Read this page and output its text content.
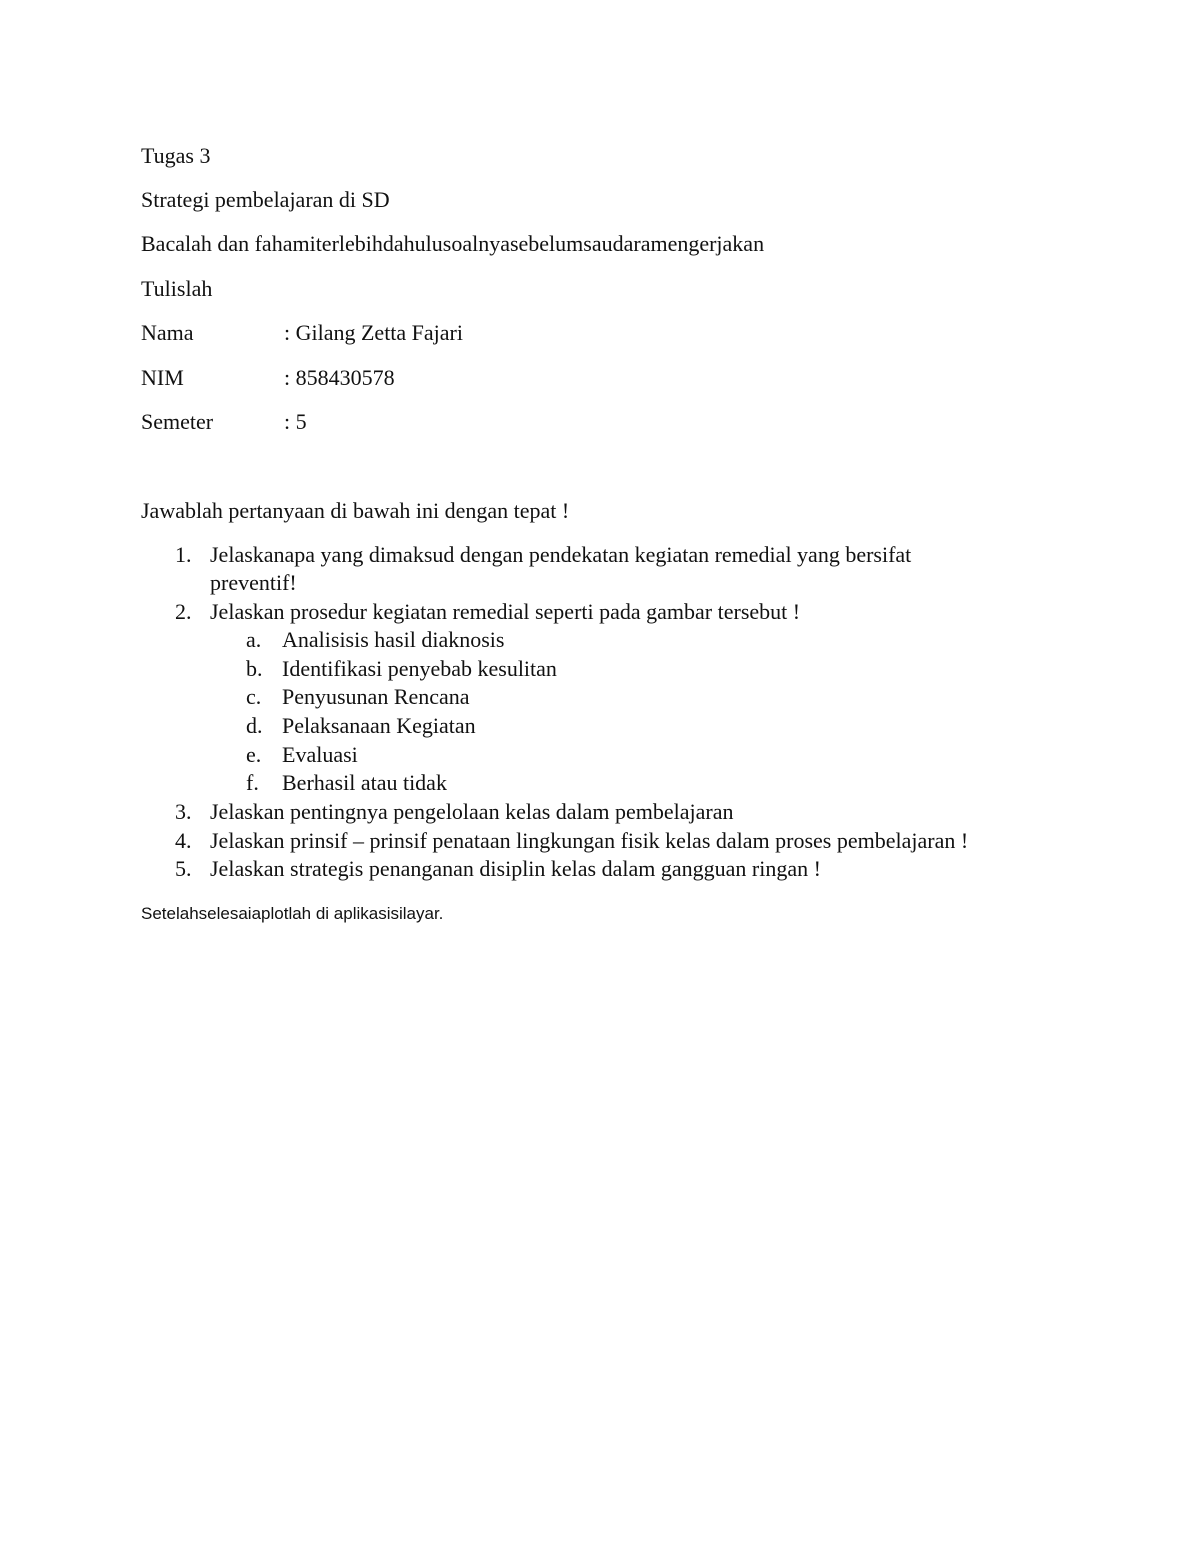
Tugas 3
Strategi pembelajaran di SD
Bacalah dan fahamiterlebihdahulusoalnyasebelumsaudaramengerjakan
Tulislah
Nama	: Gilang Zetta Fajari
NIM	: 858430578
Semeter	: 5
Jawablah pertanyaan di bawah ini dengan tepat !
1. Jelaskanapa yang dimaksud dengan pendekatan kegiatan remedial yang bersifat
preventif!
2. Jelaskan prosedur kegiatan remedial seperti pada gambar tersebut !
a. Analisisis hasil diaknosis
b. Identifikasi penyebab kesulitan
c. Penyusunan Rencana
d. Pelaksanaan Kegiatan
e. Evaluasi
f.	Berhasil atau tidak
3. Jelaskan pentingnya pengelolaan kelas dalam pembelajaran
4. Jelaskan prinsif – prinsif penataan lingkungan fisik kelas dalam proses pembelajaran !
5. Jelaskan strategis penanganan disiplin kelas dalam gangguan ringan !
Setelahselesaiaplotlah di aplikasisilayar.
